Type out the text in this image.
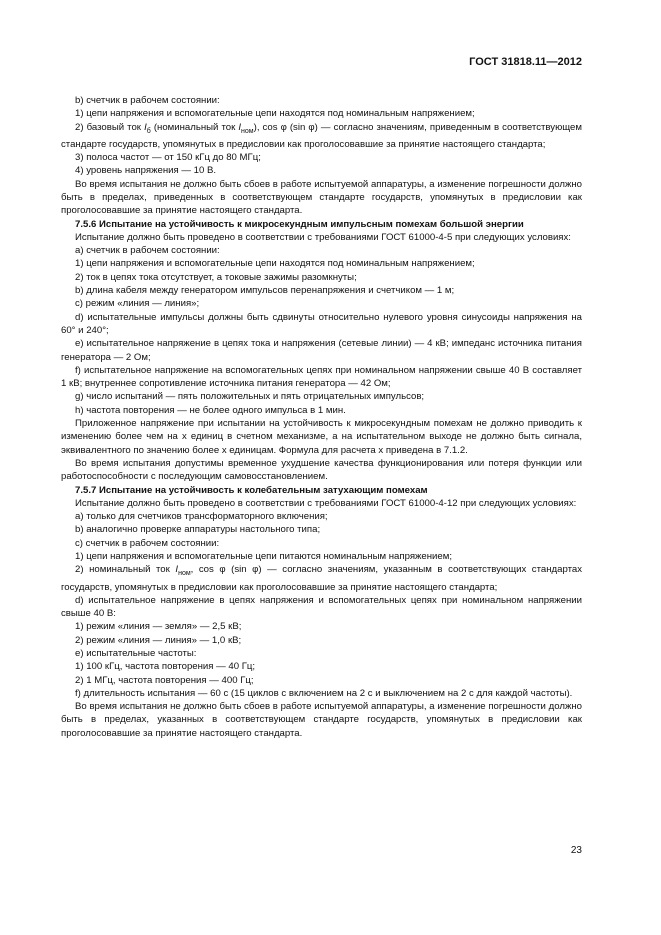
ГОСТ 31818.11—2012

b) счетчик в рабочем состоянии:

1) цепи напряжения и вспомогательные цепи находятся под номинальным напряжением;

2) базовый ток $I_б$ (номинальный ток $I_{ном}$), cos φ (sin φ) — согласно значениям, приведенным в соответствующем стандарте государств, упомянутых в предисловии как проголосовавшие за принятие настоящего стандарта;

3) полоса частот — от 150 кГц до 80 МГц;

4) уровень напряжения — 10 В.

Во время испытания не должно быть сбоев в работе испытуемой аппаратуры, а изменение погрешности должно быть в пределах, приведенных в соответствующем стандарте государств, упомянутых в предисловии как проголосовавшие за принятие настоящего стандарта.

7.5.6 Испытание на устойчивость к микросекундным импульсным помехам большой энергии

Испытание должно быть проведено в соответствии с требованиями ГОСТ 61000-4-5 при следующих условиях:

а) счетчик в рабочем состоянии:

1) цепи напряжения и вспомогательные цепи находятся под номинальным напряжением;

2) ток в цепях тока отсутствует, а токовые зажимы разомкнуты;

b) длина кабеля между генератором импульсов перенапряжения и счетчиком — 1 м;

c) режим «линия — линия»;

d) испытательные импульсы должны быть сдвинуты относительно нулевого уровня синусоиды напряжения на 60° и 240°;

e) испытательное напряжение в цепях тока и напряжения (сетевые линии) — 4 кВ; импеданс источника питания генератора — 2 Ом;

f) испытательное напряжение на вспомогательных цепях при номинальном напряжении свыше 40 В составляет 1 кВ; внутреннее сопротивление источника питания генератора — 42 Ом;

g) число испытаний — пять положительных и пять отрицательных импульсов;

h) частота повторения — не более одного импульса в 1 мин.

Приложенное напряжение при испытании на устойчивость к микросекундным помехам не должно приводить к изменению более чем на x единиц в счетном механизме, а на испытательном выходе не должно быть сигнала, эквивалентного по значению более x единицам. Формула для расчета x приведена в 7.1.2.

Во время испытания допустимы временное ухудшение качества функционирования или потеря функции или работоспособности с последующим самовосстановлением.

7.5.7 Испытание на устойчивость к колебательным затухающим помехам

Испытание должно быть проведено в соответствии с требованиями ГОСТ 61000-4-12 при следующих условиях:

а) только для счетчиков трансформаторного включения;

b) аналогично проверке аппаратуры настольного типа;

c) счетчик в рабочем состоянии:

1) цепи напряжения и вспомогательные цепи питаются номинальным напряжением;

2) номинальный ток $I_{ном}$, cos φ (sin φ) — согласно значениям, указанным в соответствующих стандартах государств, упомянутых в предисловии как проголосовавшие за принятие настоящего стандарта;

d) испытательное напряжение в цепях напряжения и вспомогательных цепях при номинальном напряжении свыше 40 В:

1) режим «линия — земля» — 2,5 кВ;

2) режим «линия — линия» — 1,0 кВ;

e) испытательные частоты:

1) 100 кГц, частота повторения — 40 Гц;

2) 1 МГц, частота повторения — 400 Гц;

f) длительность испытания — 60 с (15 циклов с включением на 2 с и выключением на 2 с для каждой частоты).

Во время испытания не должно быть сбоев в работе испытуемой аппаратуры, а изменение погрешности должно быть в пределах, указанных в соответствующем стандарте государств, упомянутых в предисловии как проголосовавшие за принятие настоящего стандарта.

23
